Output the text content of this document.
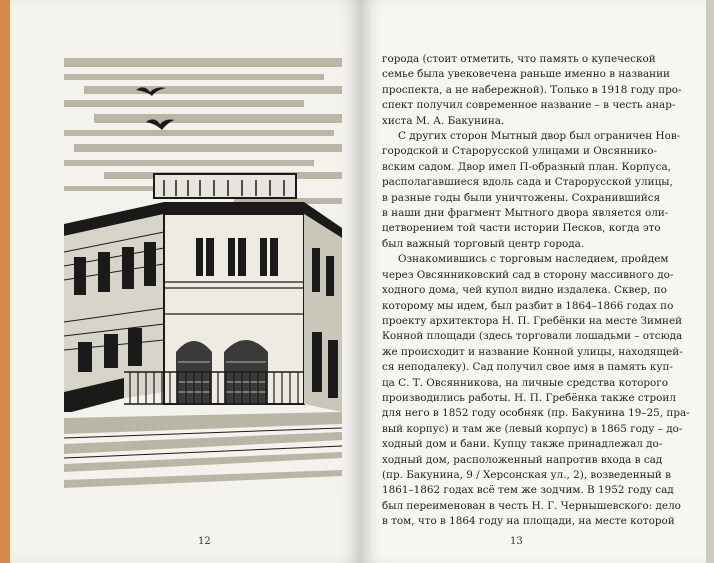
12	13
города (стоит отметить, что память о купеческой
семье была увековечена раньше именно в названии
проспекта, а не набережной). Только в 1918 году про-
спект получил современное название – в честь анар-
хиста М. А. Бакунина.
С других сторон Мытный двор был ограничен Нов-
городской и Старорусской улицами и Овсяннико-
вским садом. Двор имел П-образный план. Корпуса,
располагавшиеся вдоль сада и Старорусской улицы,
в разные годы были уничтожены. Сохранившийся
в наши дни фрагмент Мытного двора является оли-
цетворением той части истории Песков, когда это
был важный торговый центр города.
Ознакомившись с торговым наследием, пройдем
через Овсянниковский сад в сторону массивного до-
ходного дома, чей купол видно издалека. Сквер, по
которому мы идем, был разбит в 1864–1866 годах по
проекту архитектора Н. П. Гребёнки на месте Зимней
Конной площади (здесь торговали лошадьми – отсюда
же происходит и название Конной улицы, находящей-
ся неподалеку). Сад получил свое имя в память куп-
ца С. Т. Овсянникова, на личные средства которого
производились работы. Н. П. Гребёнка также строил
для него в 1852 году особняк (пр. Бакунина 19–25, пра-
вый корпус) и там же (левый корпус) в 1865 году – до-
ходный дом и бани. Купцу также принадлежал до-
ходный дом, расположенный напротив входа в сад
(пр. Бакунина, 9 / Херсонская ул., 2), возведенный в
1861–1862 годах всё тем же зодчим. В 1952 году сад
был переименован в честь Н. Г. Чернышевского: дело
в том, что в 1864 году на площади, на месте которой
